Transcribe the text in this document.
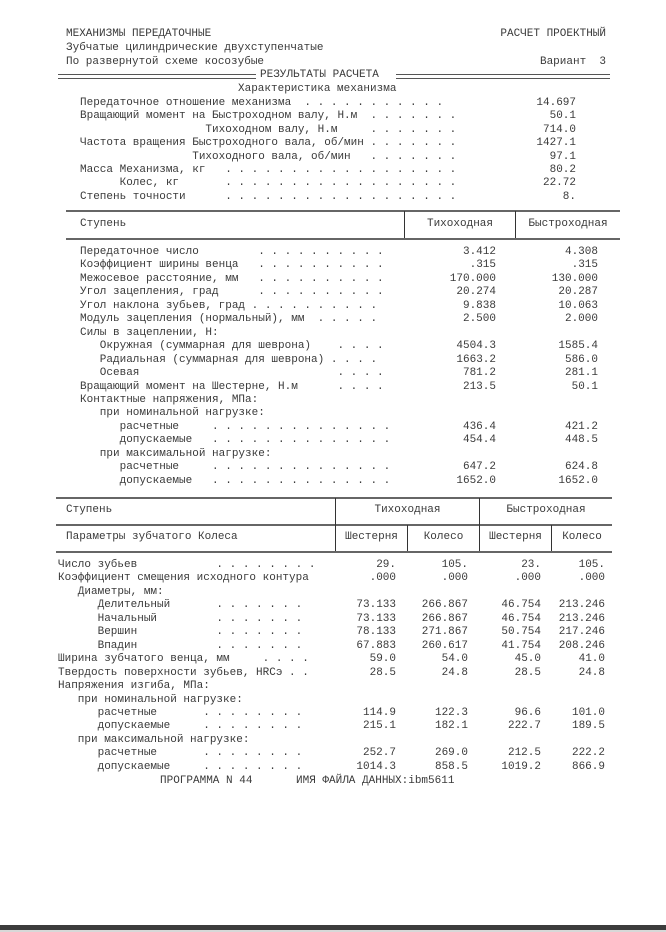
МЕХАНИЗМЫ ПЕРЕДАТОЧНЫЕ	РАСЧЕТ ПРОЕКТНЫЙ
Зубчатые цилиндрические двухступенчатые
По развернутой схеме косозубые	Вариант  3
РЕЗУЛЬТАТЫ РАСЧЕТА
Характеристика механизма
Передаточное отношение механизма  . . . . . . . . . . .	14.697
Вращающий момент на Быстроходном валу, Н.м  . . . . . . .	50.1
Тихоходном валу, Н.м     . . . . . . .	714.0
Частота вращения Быстроходного вала, об/мин . . . . . . .	1427.1
Тихоходного вала, об/мин   . . . . . . .	97.1
Масса Механизма, кг   . . . . . . . . . . . . . . . . . .	80.2
Колес, кг       . . . . . . . . . . . . . . . . . .	22.72
Степень точности      . . . . . . . . . . . . . . . . . .	8.
Ступень	Тихоходная	Быстроходная
Передаточное число         . . . . . . . . . .	3.412	4.308
Коэффициент ширины венца   . . . . . . . . . .	.315	.315
Межосевое расстояние, мм   . . . . . . . . . .	170.000	130.000
Угол зацепления, град      . . . . . . . . . .	20.274	20.287
Угол наклона зубьев, град . . . . . . . . . .	9.838	10.063
Модуль зацепления (нормальный), мм  . . . . .	2.500	2.000
Силы в зацеплении, Н:
Окружная (суммарная для шеврона)    . . . .	4504.3	1585.4
Радиальная (суммарная для шеврона) . . . .	1663.2	586.0
Осевая                              . . . .	781.2	281.1
Вращающий момент на Шестерне, Н.м      . . . .	213.5	50.1
Контактные напряжения, МПа:
при номинальной нагрузке:
расчетные     . . . . . . . . . . . . . .	436.4	421.2
допускаемые   . . . . . . . . . . . . . .	454.4	448.5
при максимальной нагрузке:
расчетные     . . . . . . . . . . . . . .	647.2	624.8
допускаемые   . . . . . . . . . . . . . .	1652.0	1652.0
Ступень	Тихоходная	Быстроходная
Параметры зубчатого Колеса	Шестерня	Колесо	Шестерня	Колесо
Число зубьев            . . . . . . . .	29.	105.	23.	105.
Коэффициент смещения исходного контура	.000	.000	.000	.000
Диаметры, мм:
Делительный       . . . . . . .	73.133	266.867	46.754	213.246
Начальный         . . . . . . .	73.133	266.867	46.754	213.246
Вершин            . . . . . . .	78.133	271.867	50.754	217.246
Впадин            . . . . . . .	67.883	260.617	41.754	208.246
Ширина зубчатого венца, мм     . . . .	59.0	54.0	45.0	41.0
Твердость поверхности зубьев, HRCэ . .	28.5	24.8	28.5	24.8
Напряжения изгиба, МПа:
при номинальной нагрузке:
расчетные       . . . . . . . .	114.9	122.3	96.6	101.0
допускаемые     . . . . . . . .	215.1	182.1	222.7	189.5
при максимальной нагрузке:
расчетные       . . . . . . . .	252.7	269.0	212.5	222.2
допускаемые     . . . . . . . .	1014.3	858.5	1019.2	866.9
ПРОГРАММА N 44	ИМЯ ФАЙЛА ДАННЫХ:ibm5611
